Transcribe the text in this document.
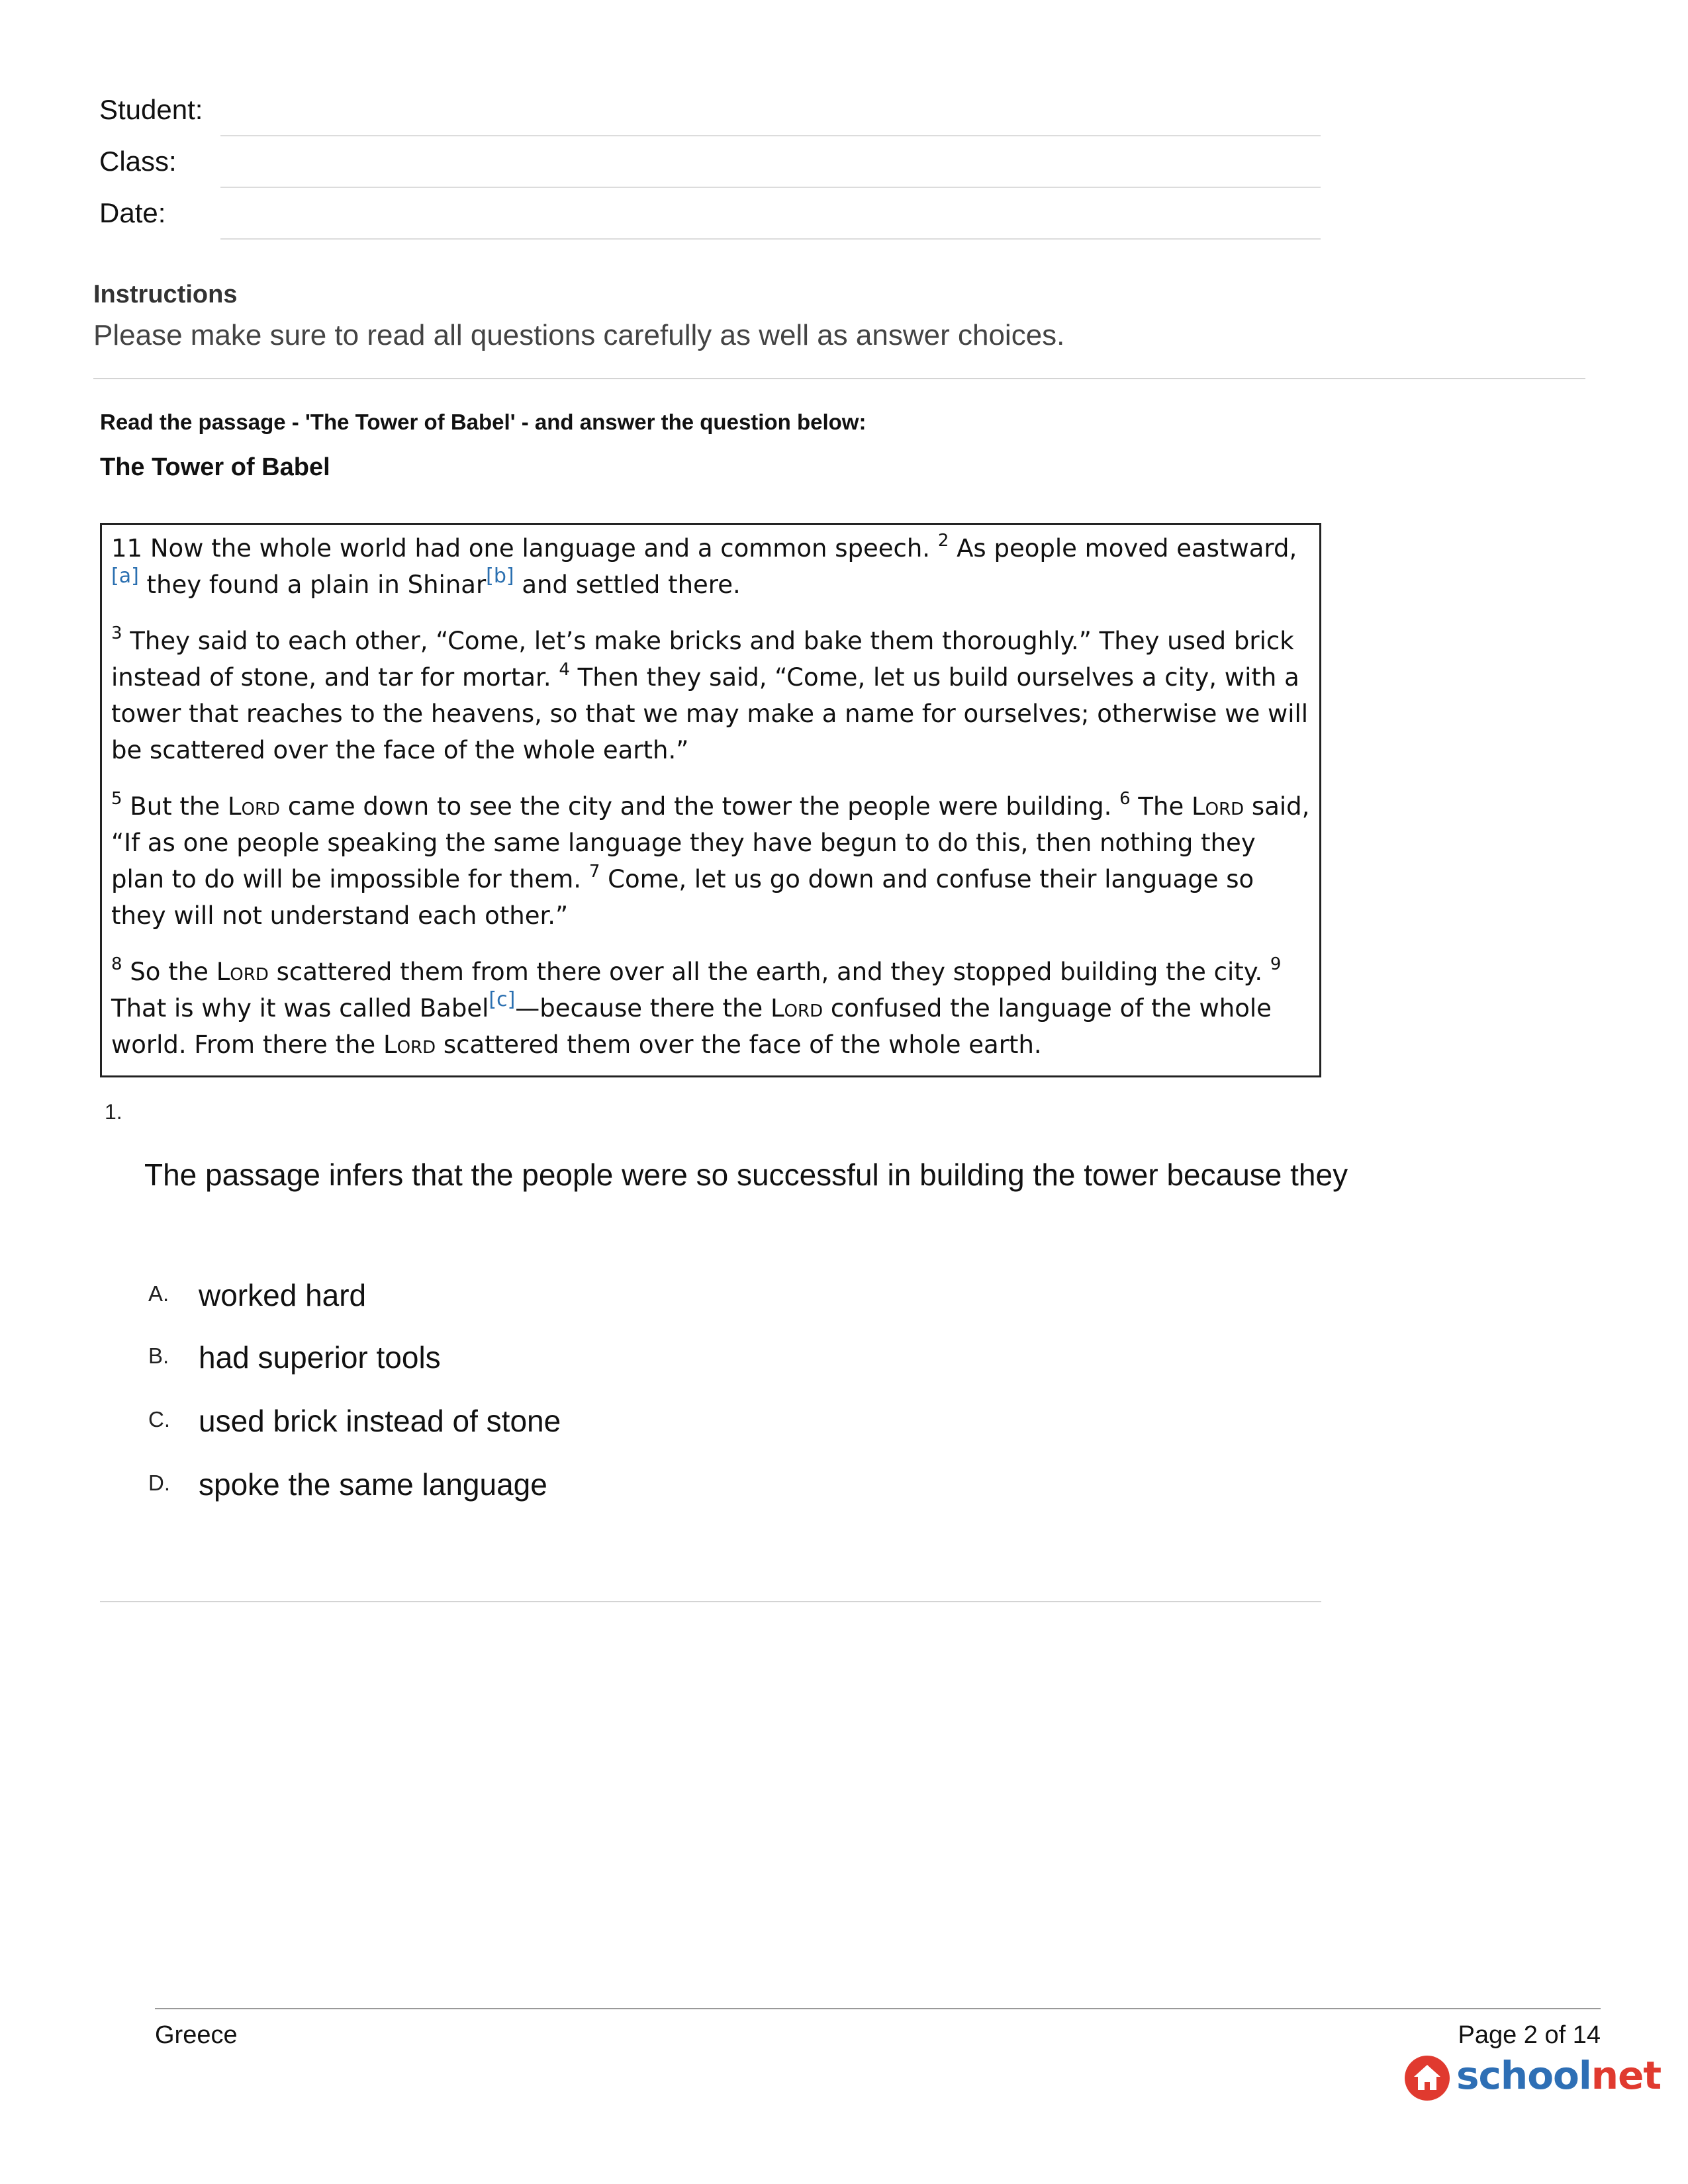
Student:
Class:
Date:
Instructions
Please make sure to read all questions carefully as well as answer choices.
Read the passage - 'The Tower of Babel' - and answer the question below:
The Tower of Babel

11 Now the whole world had one language and a common speech. $^2$ As people moved eastward,[a] they found a plain in Shinar[b] and settled there.

$^3$ They said to each other, “Come, let’s make bricks and bake them thoroughly.” They used brick instead of stone, and tar for mortar. $^4$ Then they said, “Come, let us build ourselves a city, with a tower that reaches to the heavens, so that we may make a name for ourselves; otherwise we will be scattered over the face of the whole earth.”

$^5$ But the Lord came down to see the city and the tower the people were building. $^6$ The Lord said, “If as one people speaking the same language they have begun to do this, then nothing they plan to do will be impossible for them. $^7$ Come, let us go down and confuse their language so they will not understand each other.”

$^8$ So the Lord scattered them from there over all the earth, and they stopped building the city. $^9$ That is why it was called Babel[c]—because there the Lord confused the language of the whole world. From there the Lord scattered them over the face of the whole earth.

1.
The passage infers that the people were so successful in building the tower because they
A. worked hard
B. had superior tools
C. used brick instead of stone
D. spoke the same language
Greece	Page 2 of 14
schoolnet
